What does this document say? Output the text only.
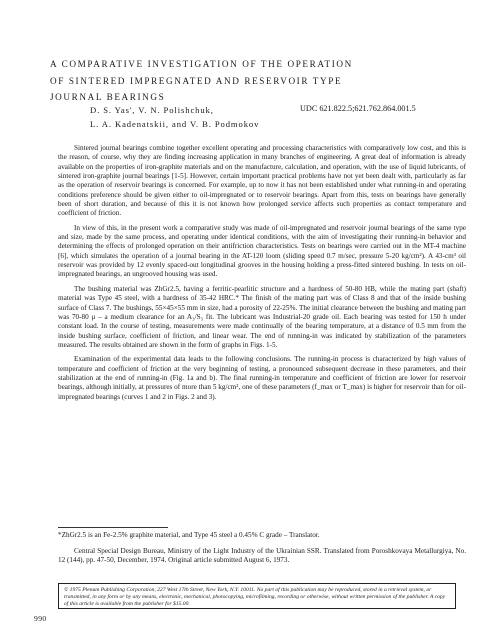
A COMPARATIVE INVESTIGATION OF THE OPERATION
OF SINTERED IMPREGNATED AND RESERVOIR TYPE
JOURNAL BEARINGS
D. S. Yas', V. N. Polishchuk,
L. A. Kadenatskii, and V. B. Podmokov
UDC 621.822.5;621.762.864.001.5

Sintered journal bearings combine together excellent operating and processing characteristics with comparatively low cost, and this is the reason, of course, why they are finding increasing application in many branches of engineering. A great deal of information is already available on the properties of iron-graphite materials and on the manufacture, calculation, and operation, with the use of liquid lubricants, of sintered iron-graphite journal bearings [1-5]. However, certain important practical problems have not yet been dealt with, particularly as far as the operation of reservoir bearings is concerned. For example, up to now it has not been established under what running-in and operating conditions preference should be given either to oil-impregnated or to reservoir bearings. Apart from this, tests on bearings have generally been of short duration, and because of this it is not known how prolonged service affects such properties as contact temperature and coefficient of friction.

In view of this, in the present work a comparative study was made of oil-impregnated and reservoir journal bearings of the same type and size, made by the same process, and operating under identical conditions, with the aim of investigating their running-in behavior and determining the effects of prolonged operation on their antifriction characteristics. Tests on bearings were carried out in the MT-4 machine [6], which simulates the operation of a journal bearing in the AT-120 loom (sliding speed 0.7 m/sec, pressure 5-20 kg/cm²). A 43-cm³ oil reservoir was provided by 12 evenly spaced-out longitudinal grooves in the housing holding a press-fitted sintered bushing. In tests on oil-impregnated bearings, an ungrooved housing was used.

The bushing material was ZhGr2.5, having a ferritic-pearlitic structure and a hardness of 50-80 HB, while the mating part (shaft) material was Type 45 steel, with a hardness of 35-42 HRC.* The finish of the mating part was of Class 8 and that of the inside bushing surface of Class 7. The bushings, 55×45×55 mm in size, had a porosity of 22-25%. The initial clearance between the bushing and mating part was 70-80 μ – a medium clearance for an A₃/S₃ fit. The lubricant was Industrial-20 grade oil. Each bearing was tested for 150 h under constant load. In the course of testing, measurements were made continually of the bearing temperature, at a distance of 0.5 mm from the inside bushing surface, coefficient of friction, and linear wear. The end of running-in was indicated by stabilization of the parameters measured. The results obtained are shown in the form of graphs in Figs. 1-5.

Examination of the experimental data leads to the following conclusions. The running-in process is characterized by high values of temperature and coefficient of friction at the very beginning of testing, a pronounced subsequent decrease in these parameters, and their stabilization at the end of running-in (Fig. 1a and b). The final running-in temperature and coefficient of friction are lower for reservoir bearings, although initially, at pressures of more than 5 kg/cm², one of these parameters (f_max or T_max) is higher for reservoir than for oil-impregnated bearings (curves 1 and 2 in Figs. 2 and 3).

*ZhGr2.5 is an Fe-2.5% graphite material, and Type 45 steel a 0.45% C grade – Translator.
Central Special Design Bureau, Ministry of the Light Industry of the Ukrainian SSR. Translated from Poroshkovaya Metallurgiya, No. 12 (144), pp. 47-50, December, 1974. Original article submitted August 6, 1973.
© 1975 Plenum Publishing Corporation, 227 West 17th Street, New York, N.Y. 10011. No part of this publication may be reproduced, stored in a retrieval system, or transmitted, in any form or by any means, electronic, mechanical, photocopying, microfilming, recording or otherwise, without written permission of the publisher. A copy of this article is available from the publisher for $15.00.
990
